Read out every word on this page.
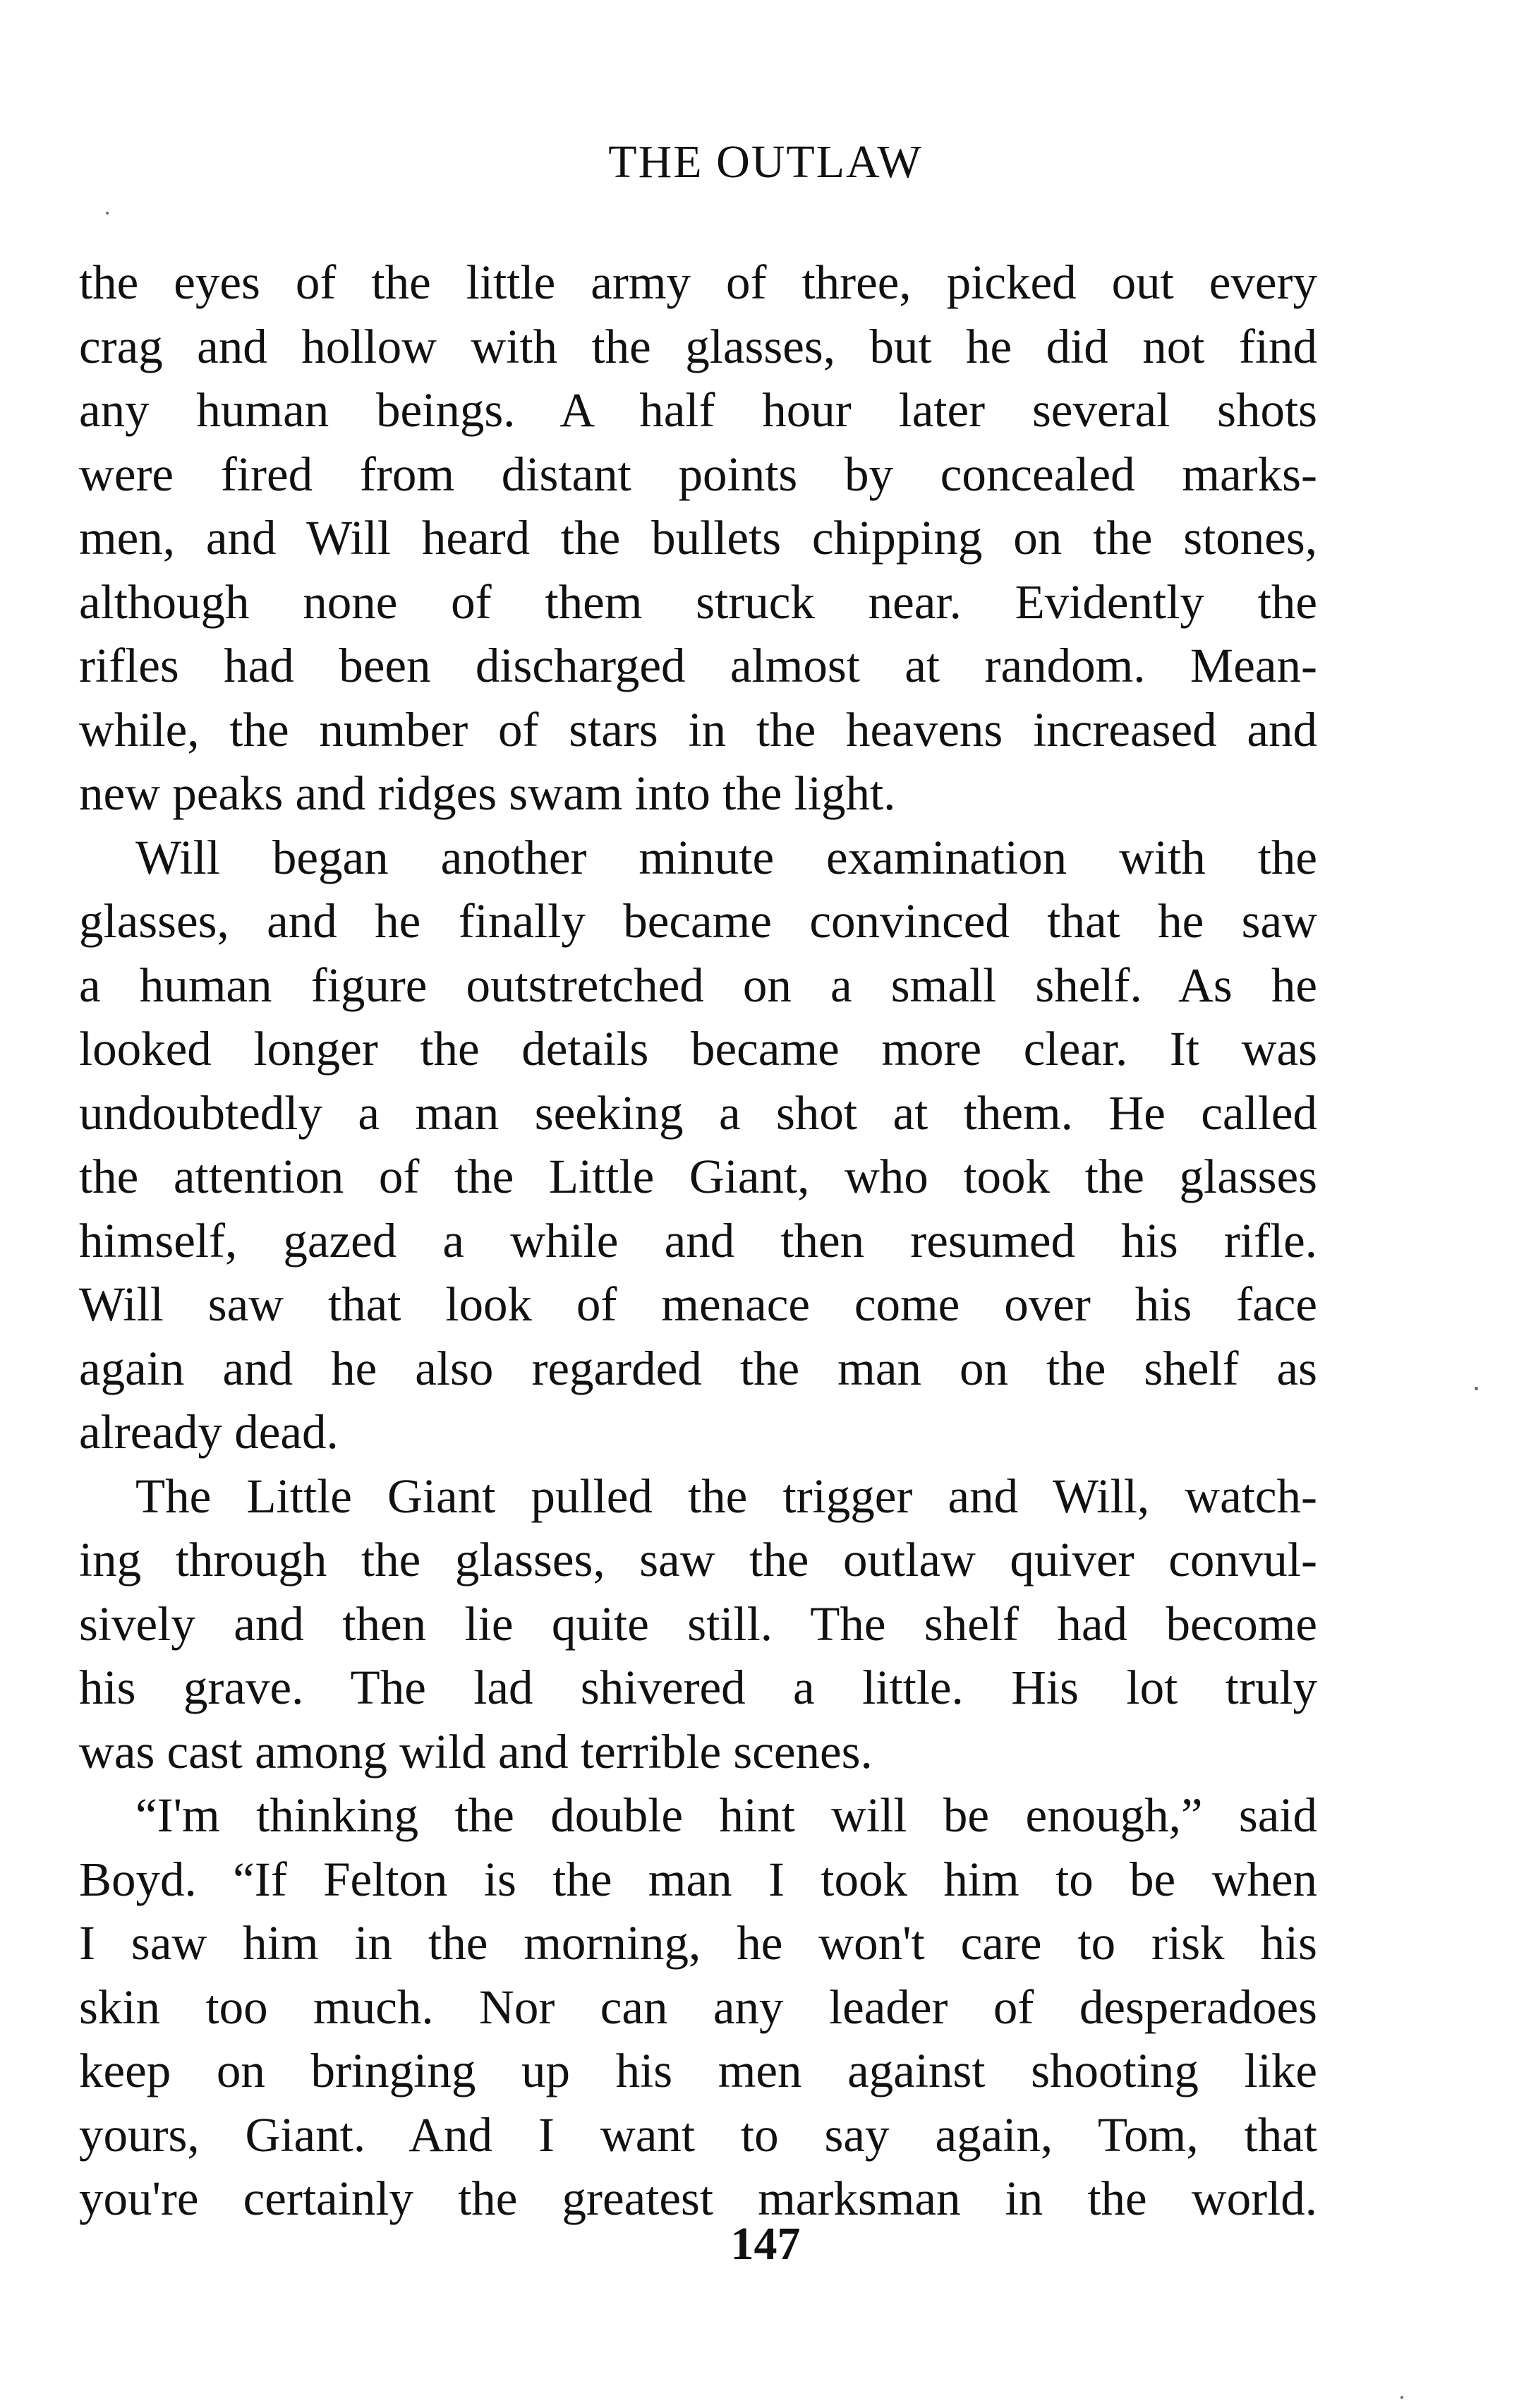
THE OUTLAW
the eyes of the little army of three, picked out every
crag and hollow with the glasses, but he did not find
any human beings. A half hour later several shots
were fired from distant points by concealed marks-
men, and Will heard the bullets chipping on the stones,
although none of them struck near. Evidently the
rifles had been discharged almost at random. Mean-
while, the number of stars in the heavens increased and
new peaks and ridges swam into the light.
Will began another minute examination with the
glasses, and he finally became convinced that he saw
a human figure outstretched on a small shelf. As he
looked longer the details became more clear. It was
undoubtedly a man seeking a shot at them. He called
the attention of the Little Giant, who took the glasses
himself, gazed a while and then resumed his rifle.
Will saw that look of menace come over his face
again and he also regarded the man on the shelf as
already dead.
The Little Giant pulled the trigger and Will, watch-
ing through the glasses, saw the outlaw quiver convul-
sively and then lie quite still. The shelf had become
his grave. The lad shivered a little. His lot truly
was cast among wild and terrible scenes.
“I'm thinking the double hint will be enough,” said
Boyd. “If Felton is the man I took him to be when
I saw him in the morning, he won't care to risk his
skin too much. Nor can any leader of desperadoes
keep on bringing up his men against shooting like
yours, Giant. And I want to say again, Tom, that
you're certainly the greatest marksman in the world.
147
